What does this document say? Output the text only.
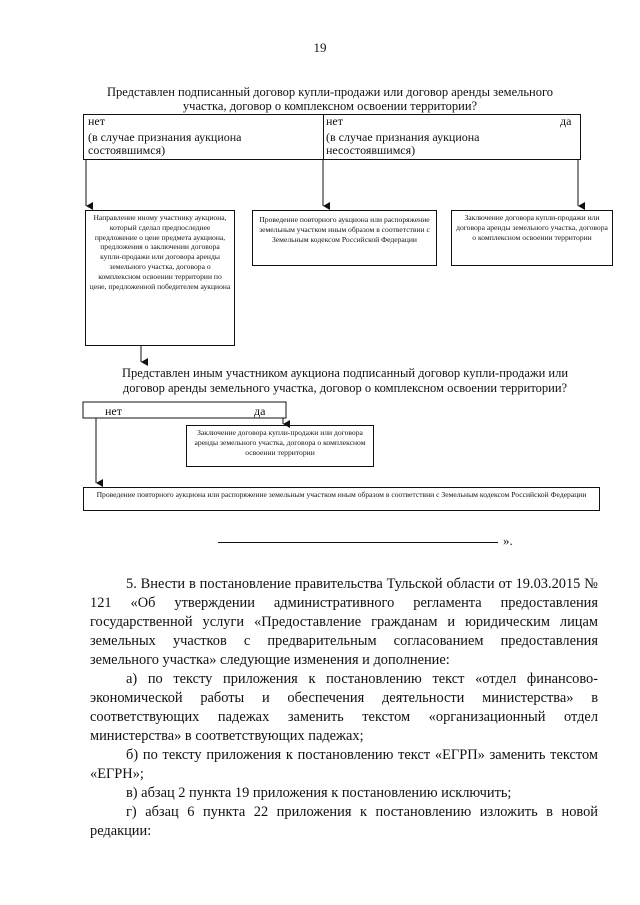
19
Представлен подписанный договор купли-продажи или договор аренды земельного участка, договор о комплексном освоении территории?
нет
(в случае признания аукциона состоявшимся)
нет
(в случае признания аукциона несостоявшимся)
да
Направление иному участнику аукциона, который сделал предпоследнее предложение о цене предмета аукциона, предложения о заключении договора купли-продажи или договора аренды земельного участка, договора о комплексном освоении территории по цене, предложенной победителем аукциона
Проведение повторного аукциона или распоряжение земельным участком иным образом в соответствии с Земельным кодексом Российской Федерации
Заключение договора купли-продажи или договора аренды земельного участка, договора о комплексном освоении территории
Представлен иным участником аукциона подписанный договор купли-продажи или договор аренды земельного участка, договор о комплексном освоении территории?
нет	да
Заключение договора купли-продажи или договора аренды земельного участка, договора о комплексном освоении территории
Проведение повторного аукциона или распоряжение земельным участком иным образом в соответствии с Земельным кодексом Российской Федерации
».
5. Внести в постановление правительства Тульской области от 19.03.2015 № 121 «Об утверждении административного регламента предоставления государственной услуги «Предоставление гражданам и юридическим лицам земельных участков с предварительным согласованием предоставления земельного участка» следующие изменения и дополнение:
а) по тексту приложения к постановлению текст «отдел финансово-экономической работы и обеспечения деятельности министерства» в соответствующих падежах заменить текстом «организационный отдел министерства» в соответствующих падежах;
б) по тексту приложения к постановлению текст «ЕГРП» заменить текстом «ЕГРН»;
в) абзац 2 пункта 19 приложения к постановлению исключить;
г) абзац 6 пункта 22 приложения к постановлению изложить в новой редакции:
